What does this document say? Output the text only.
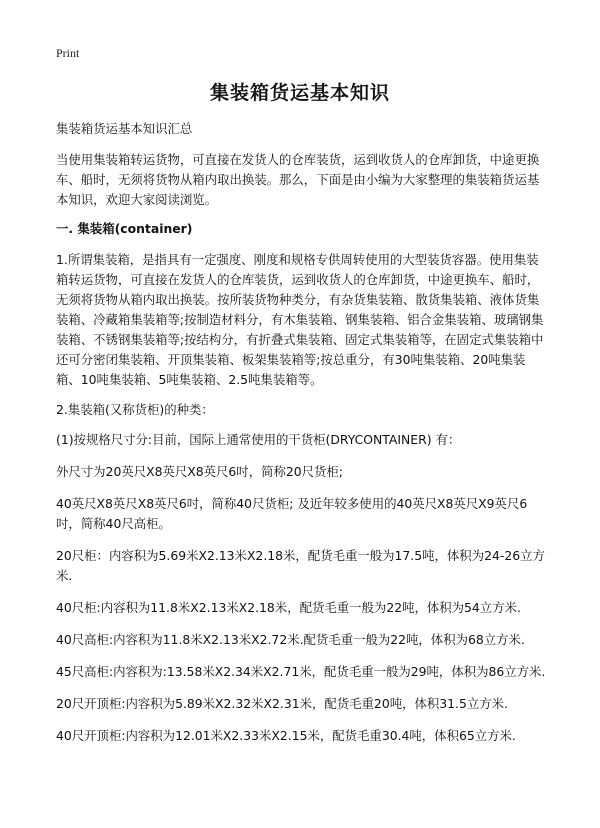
Print
集装箱货运基本知识

集装箱货运基本知识汇总

当使用集装箱转运货物，可直接在发货人的仓库装货，运到收货人的仓库卸货，中途更换车、船时，无须将货物从箱内取出换装。那么，下面是由小编为大家整理的集装箱货运基本知识，欢迎大家阅读浏览。

一. 集装箱(container)

1.所谓集装箱，是指具有一定强度、刚度和规格专供周转使用的大型装货容器。使用集装箱转运货物，可直接在发货人的仓库装货，运到收货人的仓库卸货，中途更换车、船时，无须将货物从箱内取出换装。按所装货物种类分，有杂货集装箱、散货集装箱、液体货集装箱、冷藏箱集装箱等;按制造材料分，有木集装箱、钢集装箱、铝合金集装箱、玻璃钢集装箱、不锈钢集装箱等;按结构分，有折叠式集装箱、固定式集装箱等，在固定式集装箱中还可分密闭集装箱、开顶集装箱、板架集装箱等;按总重分，有30吨集装箱、20吨集装箱、10吨集装箱、5吨集装箱、2.5吨集装箱等。

2.集装箱(又称货柜)的种类：

(1)按规格尺寸分:目前，国际上通常使用的干货柜(DRYCONTAINER) 有：

外尺寸为20英尺X8英尺X8英尺6吋，简称20尺货柜;

40英尺X8英尺X8英尺6吋，简称40尺货柜; 及近年较多使用的40英尺X8英尺X9英尺6吋，简称40尺高柜。

20尺柜：内容积为5.69米X2.13米X2.18米，配货毛重一般为17.5吨，体积为24-26立方米.

40尺柜:内容积为11.8米X2.13米X2.18米，配货毛重一般为22吨，体积为54立方米.

40尺高柜:内容积为11.8米X2.13米X2.72米.配货毛重一般为22吨，体积为68立方米.

45尺高柜:内容积为:13.58米X2.34米X2.71米，配货毛重一般为29吨，体积为86立方米.

20尺开顶柜:内容积为5.89米X2.32米X2.31米，配货毛重20吨，体积31.5立方米.

40尺开顶柜:内容积为12.01米X2.33米X2.15米，配货毛重30.4吨，体积65立方米.
